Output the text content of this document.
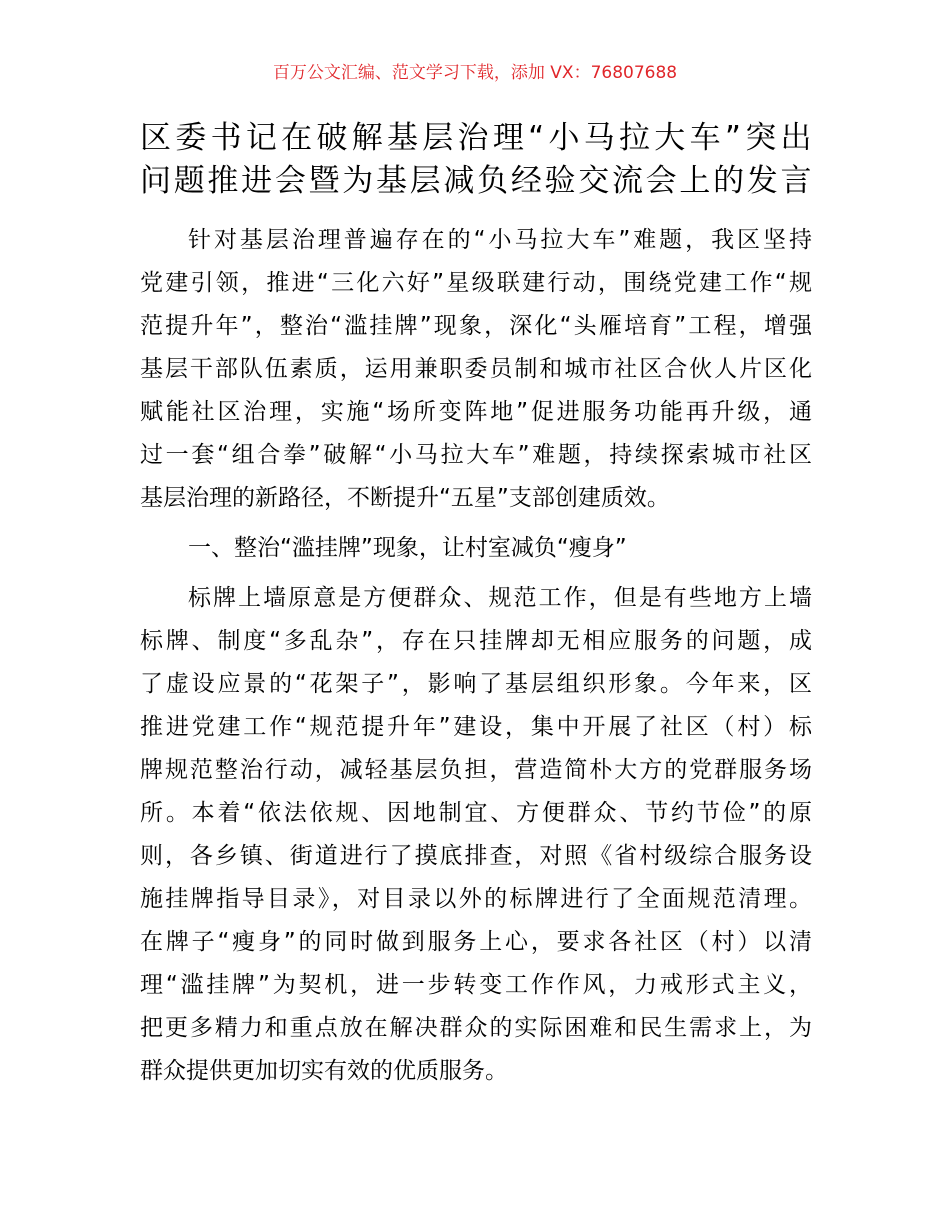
百万公文汇编、范文学习下载，添加 VX：76807688
区委书记在破解基层治理“小马拉大车”突出
问题推进会暨为基层减负经验交流会上的发言
针对基层治理普遍存在的“小马拉大车”难题，我区坚持
党建引领，推进“三化六好”星级联建行动，围绕党建工作“规
范提升年”，整治“滥挂牌”现象，深化“头雁培育”工程，增强
基层干部队伍素质，运用兼职委员制和城市社区合伙人片区化
赋能社区治理，实施“场所变阵地”促进服务功能再升级，通
过一套“组合拳”破解“小马拉大车”难题，持续探索城市社区
基层治理的新路径，不断提升“五星”支部创建质效。
一、整治“滥挂牌”现象，让村室减负“瘦身”
标牌上墙原意是方便群众、规范工作，但是有些地方上墙
标牌、制度“多乱杂”，存在只挂牌却无相应服务的问题，成
了虚设应景的“花架子”，影响了基层组织形象。今年来，区
推进党建工作“规范提升年”建设，集中开展了社区（村）标
牌规范整治行动，减轻基层负担，营造简朴大方的党群服务场
所。本着“依法依规、因地制宜、方便群众、节约节俭”的原
则，各乡镇、街道进行了摸底排查，对照《省村级综合服务设
施挂牌指导目录》，对目录以外的标牌进行了全面规范清理。
在牌子“瘦身”的同时做到服务上心，要求各社区（村）以清
理“滥挂牌”为契机，进一步转变工作作风，力戒形式主义，
把更多精力和重点放在解决群众的实际困难和民生需求上，为
群众提供更加切实有效的优质服务。
